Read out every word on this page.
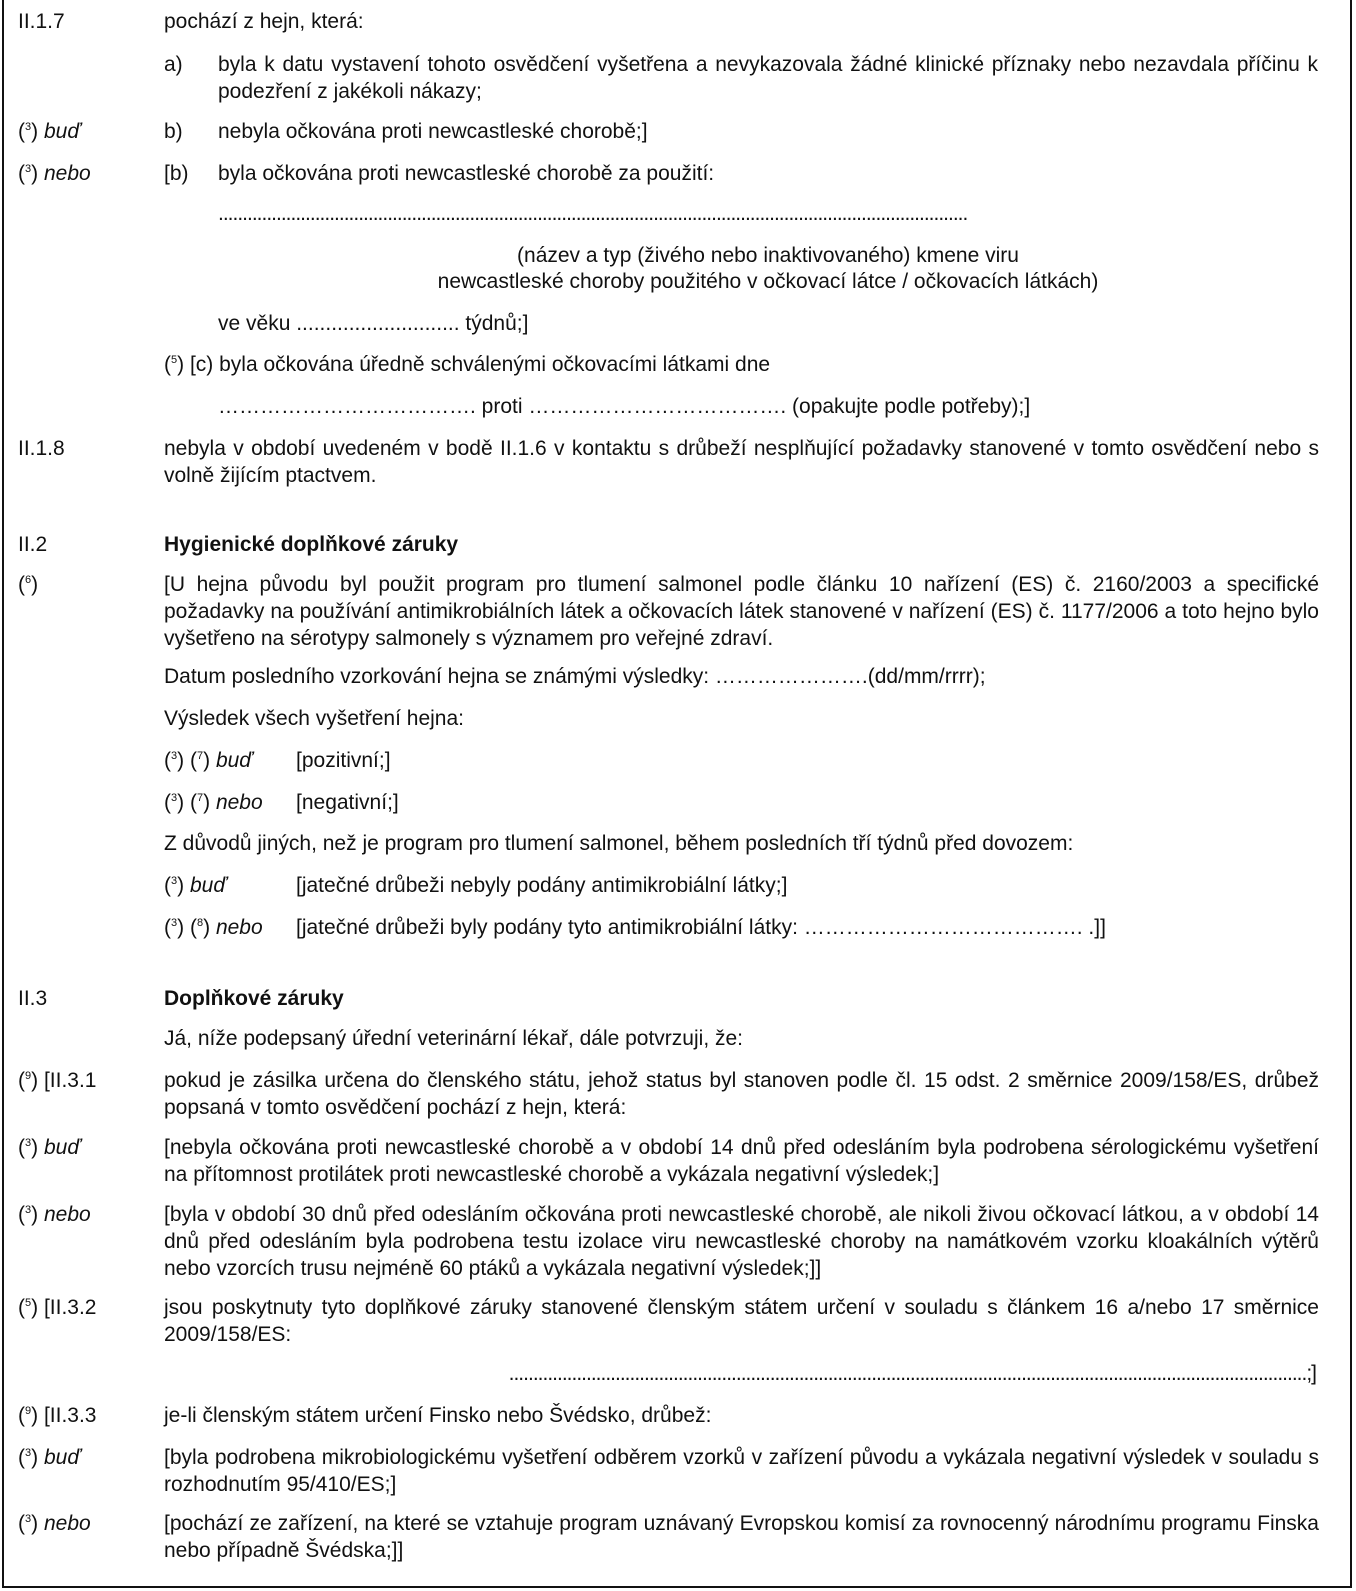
II.1.7	pochází z hejn, která:
a) byla k datu vystavení tohoto osvědčení vyšetřena a nevykazovala žádné klinické příznaky nebo nezavdala příčinu k podezření z jakékoli nákazy;
($^3$) buď	b) nebyla očkována proti newcastleské chorobě;]
($^3$) nebo	[b) byla očkována proti newcastleské chorobě za použití:
...........................................................................................................................................................
(název a typ (živého nebo inaktivovaného) kmene viru
newcastleské choroby použitého v očkovací látce / očkovacích látkách)
ve věku ............................ týdnů;]
($^5$) [c) byla očkována úředně schválenými očkovacími látkami dne
………………………………. proti ………………………………. (opakujte podle potřeby);]
II.1.8	nebyla v období uvedeném v bodě II.1.6 v kontaktu s drůbeží nesplňující požadavky stanovené v tomto osvědčení nebo s volně žijícím ptactvem.
II.2	Hygienické doplňkové záruky
($^6$)	[U hejna původu byl použit program pro tlumení salmonel podle článku 10 nařízení (ES) č. 2160/2003 a specifické požadavky na používání antimikrobiálních látek a očkovacích látek stanovené v nařízení (ES) č. 1177/2006 a toto hejno bylo vyšetřeno na sérotypy salmonely s významem pro veřejné zdraví.
Datum posledního vzorkování hejna se známými výsledky: ………………….(dd/mm/rrrr);
Výsledek všech vyšetření hejna:
($^3$) ($^7$) buď [pozitivní;]
($^3$) ($^7$) nebo [negativní;]
Z důvodů jiných, než je program pro tlumení salmonel, během posledních tří týdnů před dovozem:
($^3$) buď	[jatečné drůbeži nebyly podány antimikrobiální látky;]
($^3$) ($^8$) nebo [jatečné drůbeži byly podány tyto antimikrobiální látky: …………………………………. .]]
II.3	Doplňkové záruky
Já, níže podepsaný úřední veterinární lékař, dále potvrzuji, že:
($^9$) [II.3.1	pokud je zásilka určena do členského státu, jehož status byl stanoven podle čl. 15 odst. 2 směrnice 2009/158/ES, drůbež popsaná v tomto osvědčení pochází z hejn, která:
($^3$) buď	[nebyla očkována proti newcastleské chorobě a v období 14 dnů před odesláním byla podrobena sérologickému vyšetření na přítomnost protilátek proti newcastleské chorobě a vykázala negativní výsledek;]
($^3$) nebo	[byla v období 30 dnů před odesláním očkována proti newcastleské chorobě, ale nikoli živou očkovací látkou, a v období 14 dnů před odesláním byla podrobena testu izolace viru newcastleské choroby na namátkovém vzorku kloakálních výtěrů nebo vzorcích trusu nejméně 60 ptáků a vykázala negativní výsledek;]]
($^5$) [II.3.2	jsou poskytnuty tyto doplňkové záruky stanovené členským státem určení v souladu s článkem 16 a/nebo 17 směrnice 2009/158/ES:
.....................................................................................................................................................................;]
($^9$) [II.3.3	je-li členským státem určení Finsko nebo Švédsko, drůbež:
($^3$) buď	[byla podrobena mikrobiologickému vyšetření odběrem vzorků v zařízení původu a vykázala negativní výsledek v souladu s rozhodnutím 95/410/ES;]
($^3$) nebo	[pochází ze zařízení, na které se vztahuje program uznávaný Evropskou komisí za rovnocenný národnímu programu Finska nebo případně Švédska;]]
